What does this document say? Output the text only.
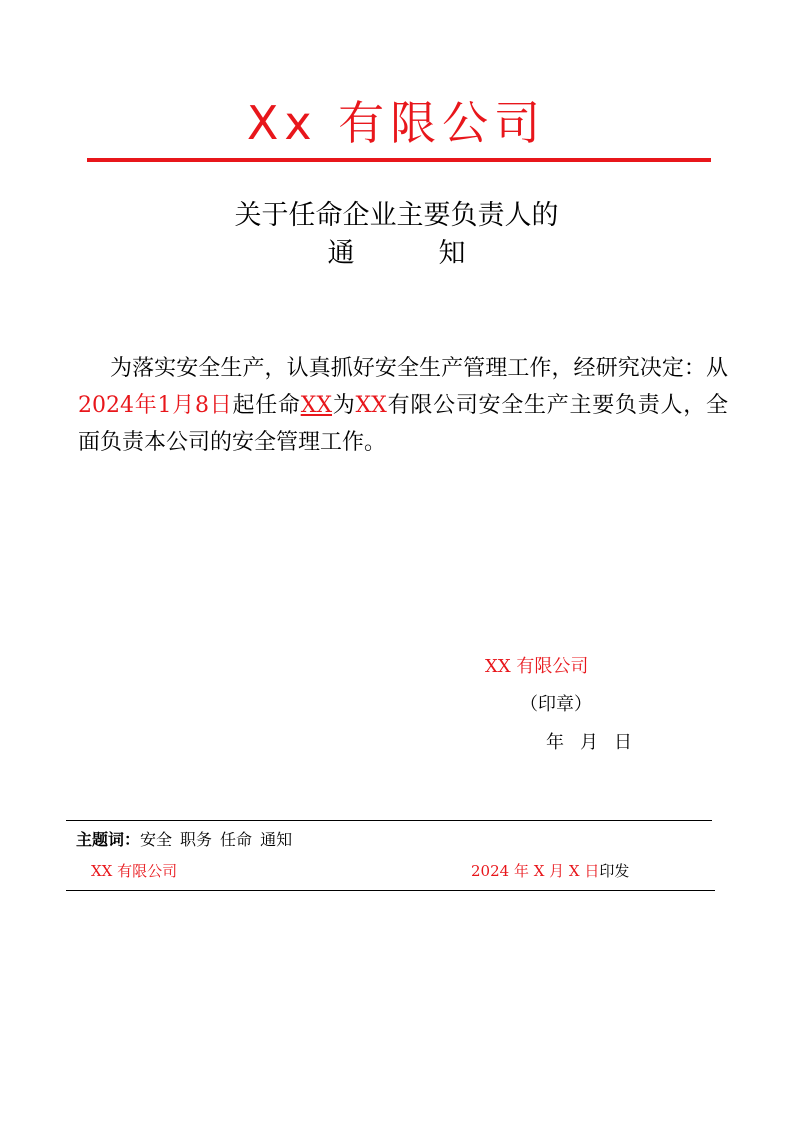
Xx 有限公司
关于任命企业主要负责人的
通	知
为落实安全生产，认真抓好安全生产管理工作，经研究决定：从2024年1月8日起任命XX为XX有限公司安全生产主要负责人，全面负责本公司的安全管理工作。
XX 有限公司
（印章）
年 月 日
主题词：安全 职务 任命 通知
XX 有限公司	2024 年 X 月 X 日印发
